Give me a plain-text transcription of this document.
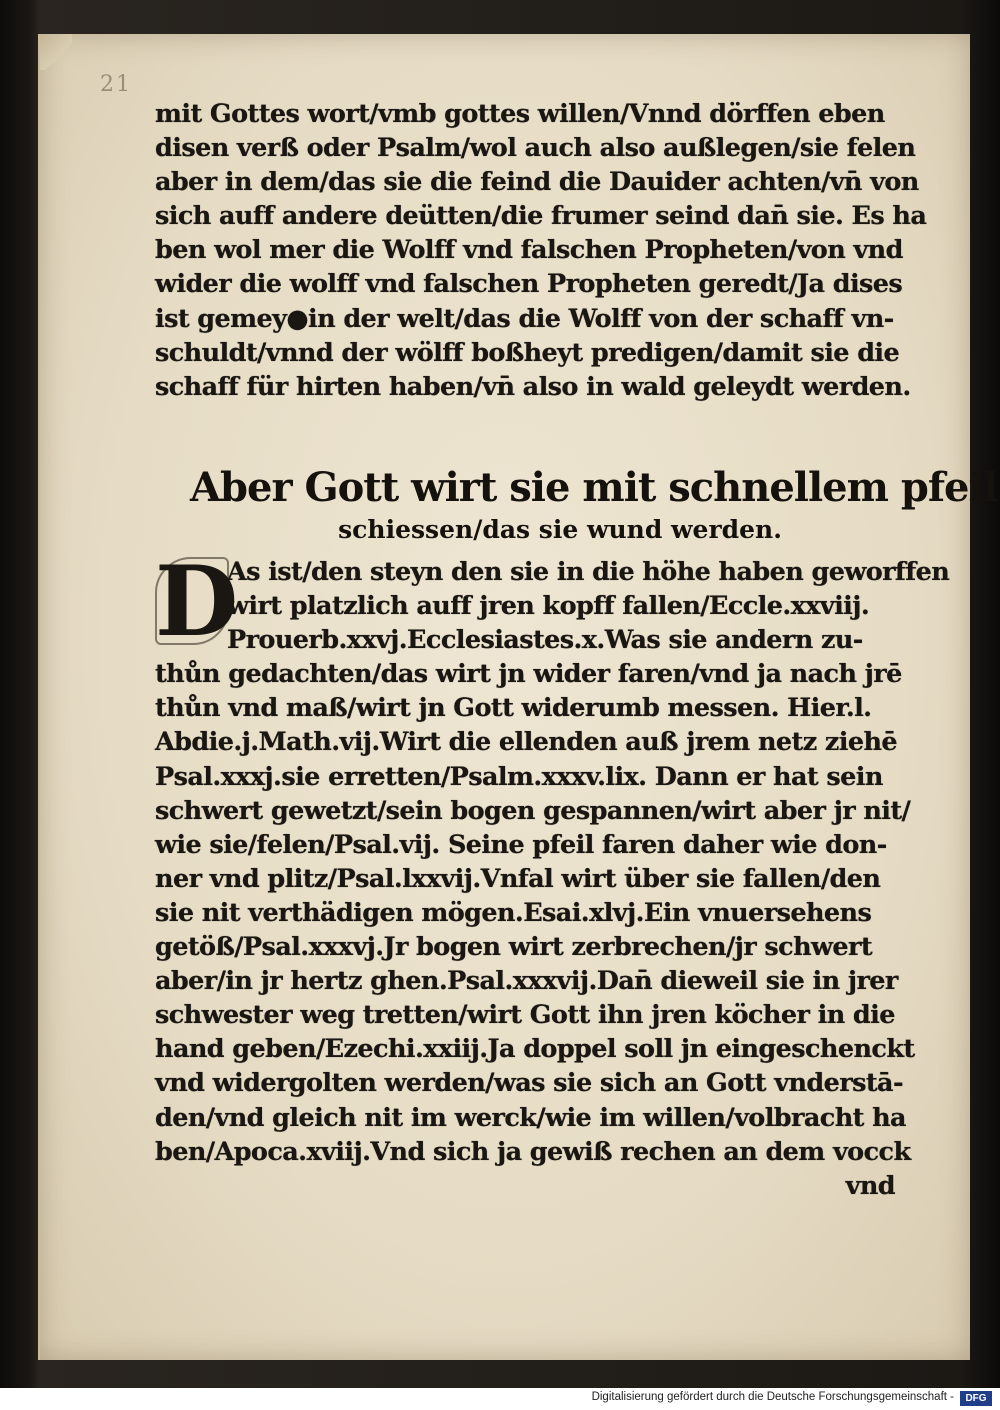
21
mit Gottes wort/vmb gottes willen/Vnnd dörffen eben
disen verß oder Psalm/wol auch also außlegen/sie felen
aber in dem/das sie die feind die Dauider achten/vn̄ von
sich auff andere deütten/die frumer seind dan̄ sie. Es ha
ben wol mer die Wolff vnd falschen Propheten/von vnd
wider die wolff vnd falschen Propheten geredt/Ja dises
ist gemey●in der welt/das die Wolff von der schaff vn-
schuldt/vnnd der wölff boßheyt predigen/damit sie die
schaff für hirten haben/vn̄ also in wald geleydt werden.
Aber Gott wirt sie mit schnellem pfeil
schiessen/das sie wund werden.
D
As ist/den steyn den sie in die höhe haben geworffen
wirt platzlich auff jren kopff fallen/Eccle.xxviij.
Prouerb.xxvj.Ecclesiastes.x.Was sie andern zu-
thůn gedachten/das wirt jn wider faren/vnd ja nach jrē
thůn vnd maß/wirt jn Gott widerumb messen. Hier.l.
Abdie.j.Math.vij.Wirt die ellenden auß jrem netz ziehē
Psal.xxxj.sie erretten/Psalm.xxxv.lix. Dann er hat sein
schwert gewetzt/sein bogen gespannen/wirt aber jr nit/
wie sie/felen/Psal.vij. Seine pfeil faren daher wie don-
ner vnd plitz/Psal.lxxvij.Vnfal wirt über sie fallen/den
sie nit verthädigen mögen.Esai.xlvj.Ein vnuersehens
getöß/Psal.xxxvj.Jr bogen wirt zerbrechen/jr schwert
aber/in jr hertz ghen.Psal.xxxvij.Dan̄ dieweil sie in jrer
schwester weg tretten/wirt Gott ihn jren köcher in die
hand geben/Ezechi.xxiij.Ja doppel soll jn eingeschenckt
vnd widergolten werden/was sie sich an Gott vnderstā-
den/vnd gleich nit im werck/wie im willen/volbracht ha
ben/Apoca.xviij.Vnd sich ja gewiß rechen an dem vocck
vnd
Digitalisierung gefördert durch die Deutsche Forschungsgemeinschaft -	DFG
